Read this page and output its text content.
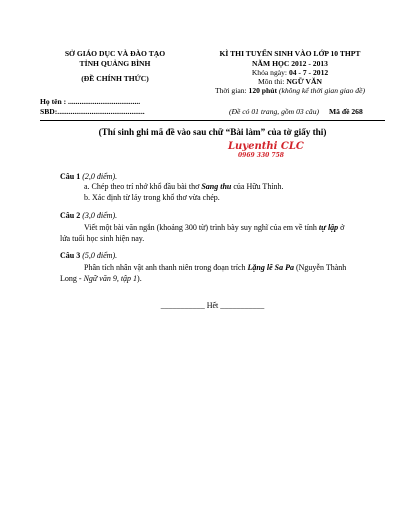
SỞ GIÁO DỤC VÀ ĐÀO TẠO
TỈNH QUẢNG BÌNH
(ĐỀ CHÍNH THỨC)
KÌ THI TUYỂN SINH VÀO LỚP 10 THPT
NĂM HỌC 2012 - 2013
Khóa ngày: 04 - 7 - 2012
Môn thi: NGỮ VĂN
Thời gian: 120 phút (không kể thời gian giao đề)
Họ tên : ......................................
SBD:..............................................	(Đề có 01 trang, gồm 03 câu) Mã đề 268
(Thí sinh ghi mã đề vào sau chữ “Bài làm” của tờ giấy thi)
Luyenthi CLC
0969 330 758
Câu 1 (2,0 điểm).
a. Chép theo trí nhớ khổ đầu bài thơ Sang thu của Hữu Thỉnh.
b. Xác định từ láy trong khổ thơ vừa chép.
Câu 2 (3,0 điểm).
Viết một bài văn ngắn (khoảng 300 từ) trình bày suy nghĩ của em về tính tự lập ở
lứa tuổi học sinh hiện nay.
Câu 3 (5,0 điểm).
Phân tích nhân vật anh thanh niên trong đoạn trích Lặng lẽ Sa Pa (Nguyễn Thành
Long - Ngữ văn 9, tập 1).
___________ Hết ___________
